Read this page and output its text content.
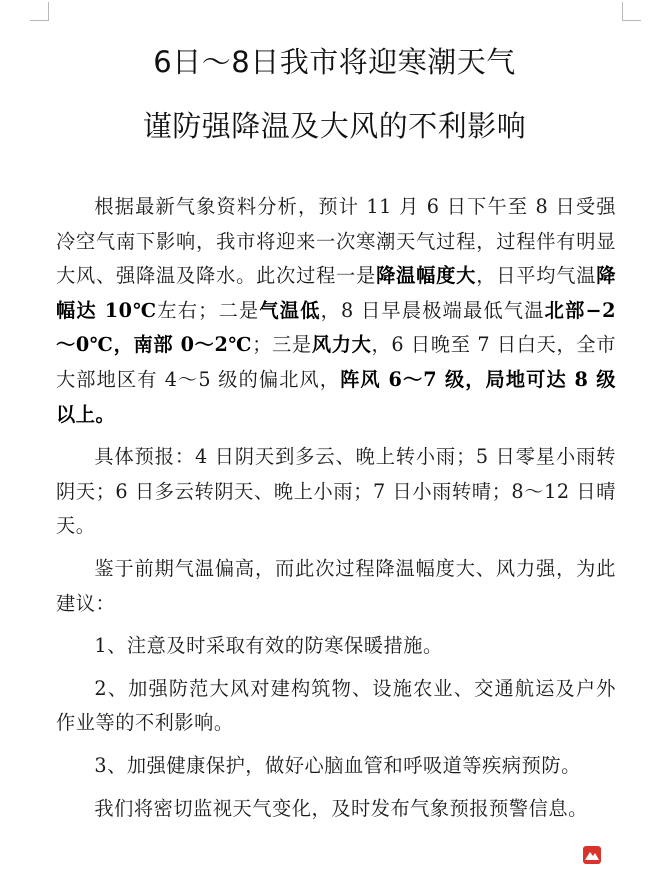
6日～8日我市将迎寒潮天气
谨防强降温及大风的不利影响

根据最新气象资料分析，预计 11 月 6 日下午至 8 日受强冷空气南下影响，我市将迎来一次寒潮天气过程，过程伴有明显大风、强降温及降水。此次过程一是降温幅度大，日平均气温降幅达 10℃左右；二是气温低，8 日早晨极端最低气温北部−2～0℃，南部 0～2℃；三是风力大，6 日晚至 7 日白天，全市大部地区有 4～5 级的偏北风，阵风 6～7 级，局地可达 8 级以上。

具体预报：4 日阴天到多云、晚上转小雨；5 日零星小雨转阴天；6 日多云转阴天、晚上小雨；7 日小雨转晴；8～12 日晴天。

鉴于前期气温偏高，而此次过程降温幅度大、风力强，为此建议：

1、注意及时采取有效的防寒保暖措施。

2、加强防范大风对建构筑物、设施农业、交通航运及户外作业等的不利影响。

3、加强健康保护，做好心脑血管和呼吸道等疾病预防。

我们将密切监视天气变化，及时发布气象预报预警信息。
